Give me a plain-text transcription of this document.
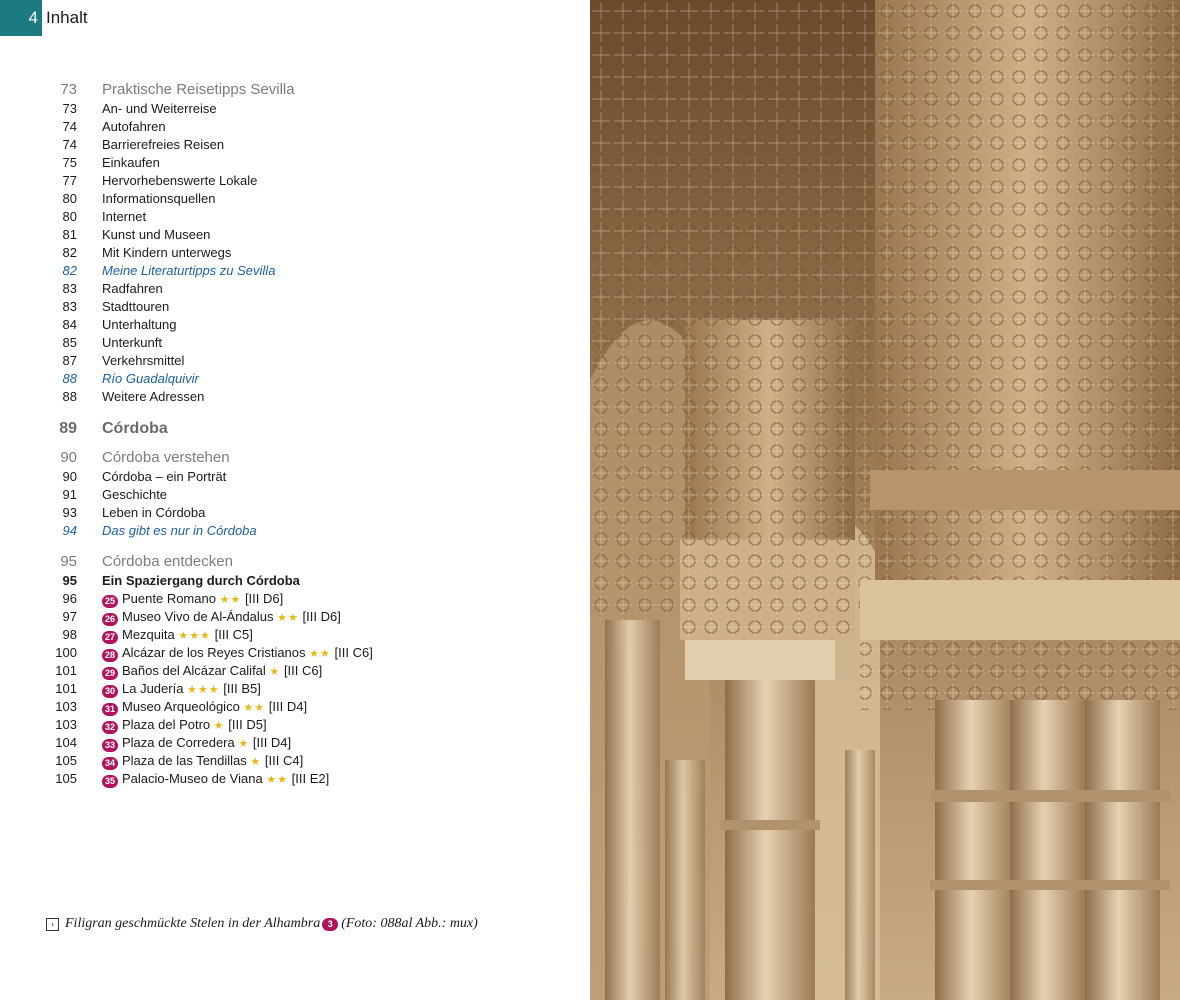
4 Inhalt
73 Praktische Reisetipps Sevilla
73 An- und Weiterreise
74 Autofahren
74 Barrierefreies Reisen
75 Einkaufen
77 Hervorhebenswerte Lokale
80 Informationsquellen
80 Internet
81 Kunst und Museen
82 Mit Kindern unterwegs
82 Meine Literaturtipps zu Sevilla
83 Radfahren
83 Stadttouren
84 Unterhaltung
85 Unterkunft
87 Verkehrsmittel
88 Río Guadalquivir
88 Weitere Adressen
89 Córdoba
90 Córdoba verstehen
90 Córdoba – ein Porträt
91 Geschichte
93 Leben in Córdoba
94 Das gibt es nur in Córdoba
95 Córdoba entdecken
95 Ein Spaziergang durch Córdoba
96	25 Puente Romano ★★ [III D6]
97	26 Museo Vivo de Al-Ándalus ★★ [III D6]
98	27 Mezquita ★★★ [III C5]
100	28 Alcázar de los Reyes Cristianos ★★ [III C6]
101	29 Baños del Alcázar Califal ★ [III C6]
101	30 La Judería ★★★ [III B5]
103	31 Museo Arqueológico ★★ [III D4]
103	32 Plaza del Potro ★ [III D5]
104	33 Plaza de Corredera ★ [III D4]
105	34 Plaza de las Tendillas ★ [III C4]
105	35 Palacio-Museo de Viana ★★ [III E2]
› Filigran geschmückte Stelen in der Alhambra 3 (Foto: 088al Abb.: mux)
